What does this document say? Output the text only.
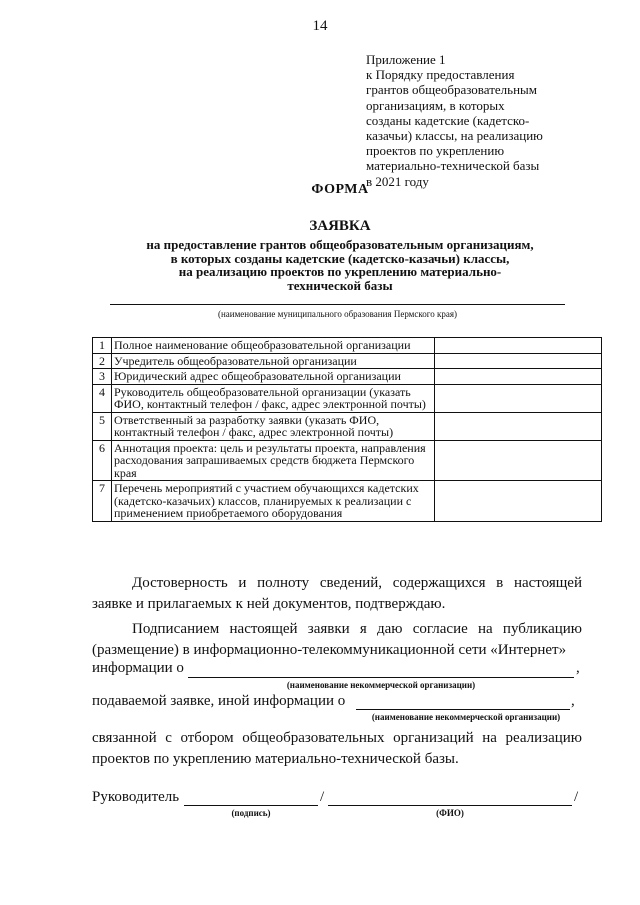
14
Приложение 1
к Порядку предоставления
грантов общеобразовательным
организациям, в которых
созданы кадетские (кадетско-
казачьи) классы, на реализацию
проектов по укреплению
материально-технической базы
в 2021 году
ФОРМА
ЗАЯВКА
на предоставление грантов общеобразовательным организациям,
в которых созданы кадетские (кадетско-казачьи) классы,
на реализацию проектов по укреплению материально-
технической базы
(наименование муниципального образования Пермского края)
1	Полное наименование общеобразовательной организации	
2	Учредитель общеобразовательной организации	
3	Юридический адрес общеобразовательной организации	
4	Руководитель общеобразовательной организации (указать ФИО, контактный телефон / факс, адрес электронной почты)	
5	Ответственный за разработку заявки (указать ФИО, контактный телефон / факс, адрес электронной почты)	
6	Аннотация проекта: цель и результаты проекта, направления расходования запрашиваемых средств бюджета Пермского края	
7	Перечень мероприятий с участием обучающихся кадетских (кадетско-казачьих) классов, планируемых к реализации с применением приобретаемого оборудования	
Достоверность и полноту сведений, содержащихся в настоящей заявке и прилагаемых к ней документов, подтверждаю.
Подписанием настоящей заявки я даю согласие на публикацию (размещение) в информационно-телекоммуникационной сети «Интернет»
информации о	,
(наименование некоммерческой организации)
подаваемой заявке, иной информации о	,
(наименование некоммерческой организации)
связанной с отбором общеобразовательных организаций на реализацию проектов по укреплению материально-технической базы.
Руководитель	/	/
(подпись)	(ФИО)
